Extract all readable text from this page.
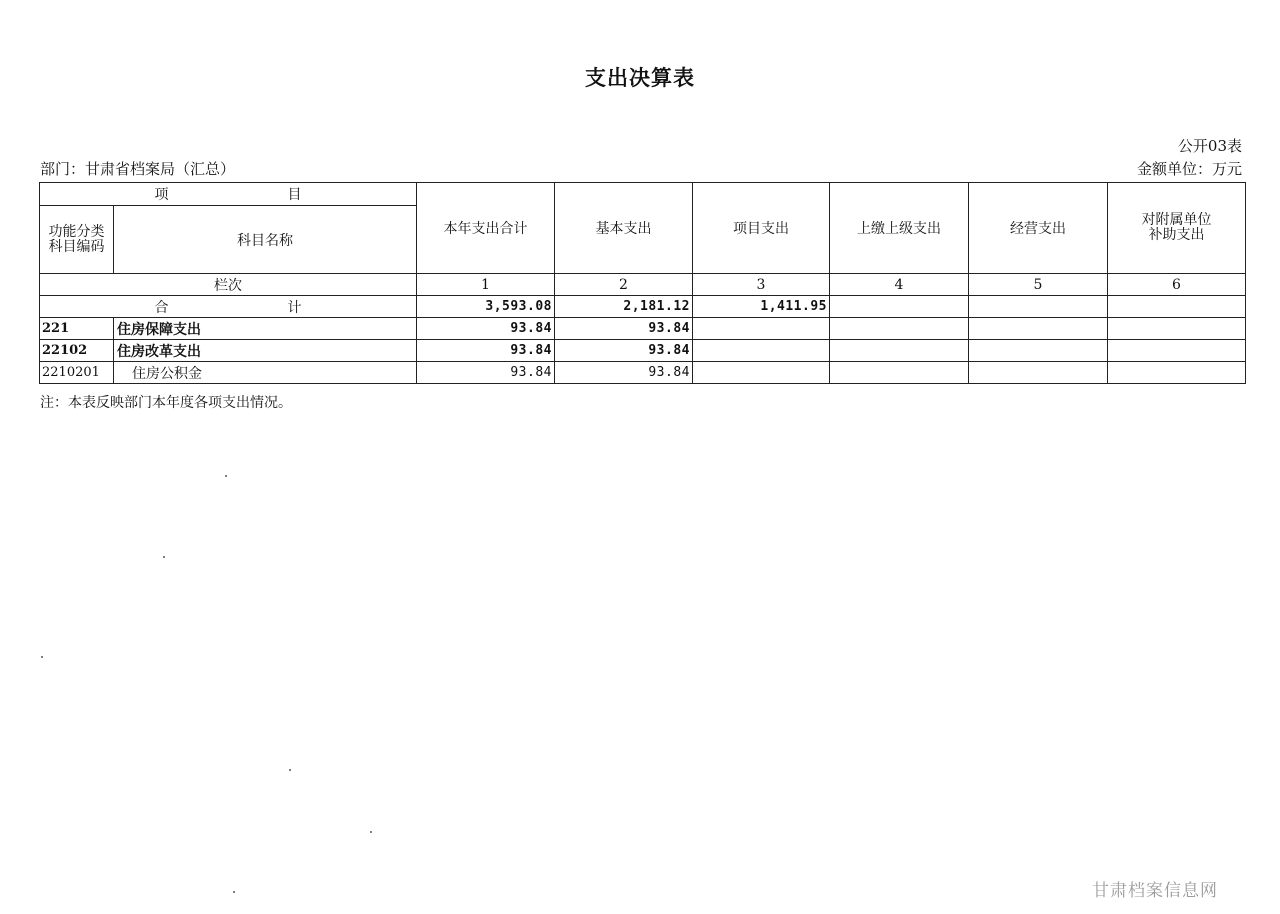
支出决算表
公开03表
部门：甘肃省档案局（汇总）	金额单位：万元
项 目		本年支出合计	基本支出	项目支出	上缴上级支出	经营支出	对附属单位
补助支出

功能分类
科目编码	科目名称						
栏次		1	2	3	4	5	6
合 计		3,593.08	2,181.12	1,411.95			
221	住房保障支出	93.84	93.84				
22102	住房改革支出	93.84	93.84				
2210201	住房公积金	93.84	93.84				
注：本表反映部门本年度各项支出情况。
甘肃档案信息网
